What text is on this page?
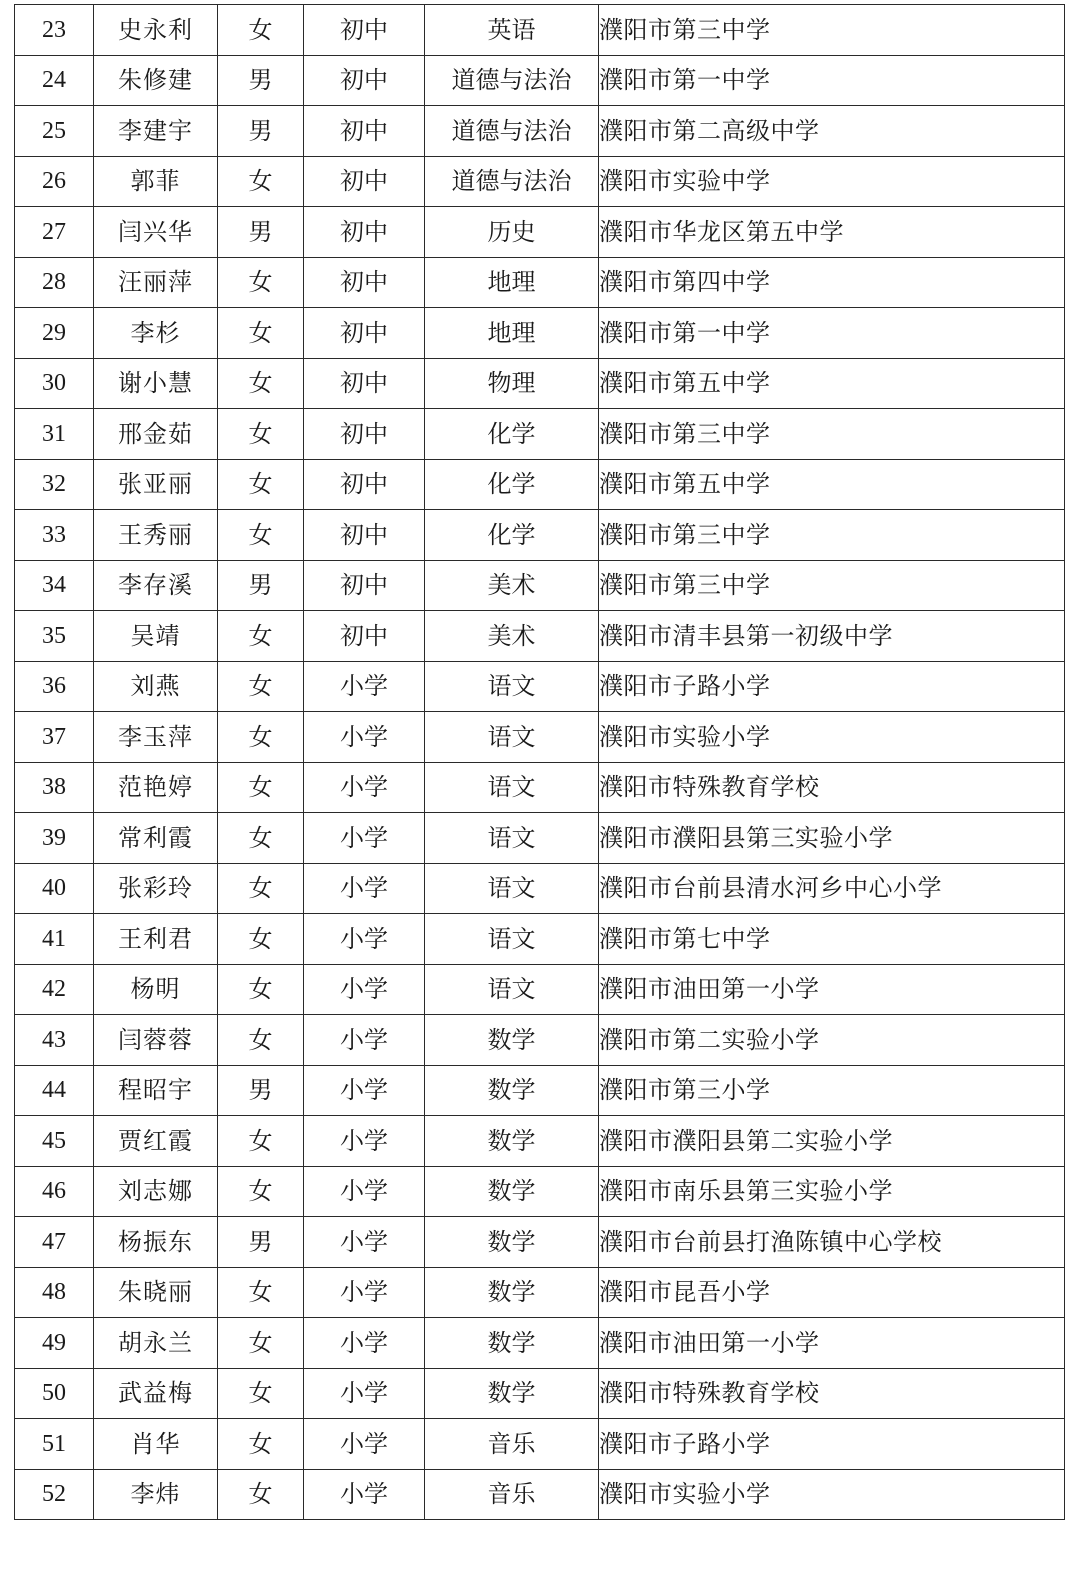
23	史永利	女	初中	英语	濮阳市第三中学
24	朱修建	男	初中	道德与法治	濮阳市第一中学
25	李建宇	男	初中	道德与法治	濮阳市第二高级中学
26	郭菲	女	初中	道德与法治	濮阳市实验中学
27	闫兴华	男	初中	历史	濮阳市华龙区第五中学
28	汪丽萍	女	初中	地理	濮阳市第四中学
29	李杉	女	初中	地理	濮阳市第一中学
30	谢小慧	女	初中	物理	濮阳市第五中学
31	邢金茹	女	初中	化学	濮阳市第三中学
32	张亚丽	女	初中	化学	濮阳市第五中学
33	王秀丽	女	初中	化学	濮阳市第三中学
34	李存溪	男	初中	美术	濮阳市第三中学
35	吴靖	女	初中	美术	濮阳市清丰县第一初级中学
36	刘燕	女	小学	语文	濮阳市子路小学
37	李玉萍	女	小学	语文	濮阳市实验小学
38	范艳婷	女	小学	语文	濮阳市特殊教育学校
39	常利霞	女	小学	语文	濮阳市濮阳县第三实验小学
40	张彩玲	女	小学	语文	濮阳市台前县清水河乡中心小学
41	王利君	女	小学	语文	濮阳市第七中学
42	杨明	女	小学	语文	濮阳市油田第一小学
43	闫蓉蓉	女	小学	数学	濮阳市第二实验小学
44	程昭宇	男	小学	数学	濮阳市第三小学
45	贾红霞	女	小学	数学	濮阳市濮阳县第二实验小学
46	刘志娜	女	小学	数学	濮阳市南乐县第三实验小学
47	杨振东	男	小学	数学	濮阳市台前县打渔陈镇中心学校
48	朱晓丽	女	小学	数学	濮阳市昆吾小学
49	胡永兰	女	小学	数学	濮阳市油田第一小学
50	武益梅	女	小学	数学	濮阳市特殊教育学校
51	肖华	女	小学	音乐	濮阳市子路小学
52	李炜	女	小学	音乐	濮阳市实验小学
